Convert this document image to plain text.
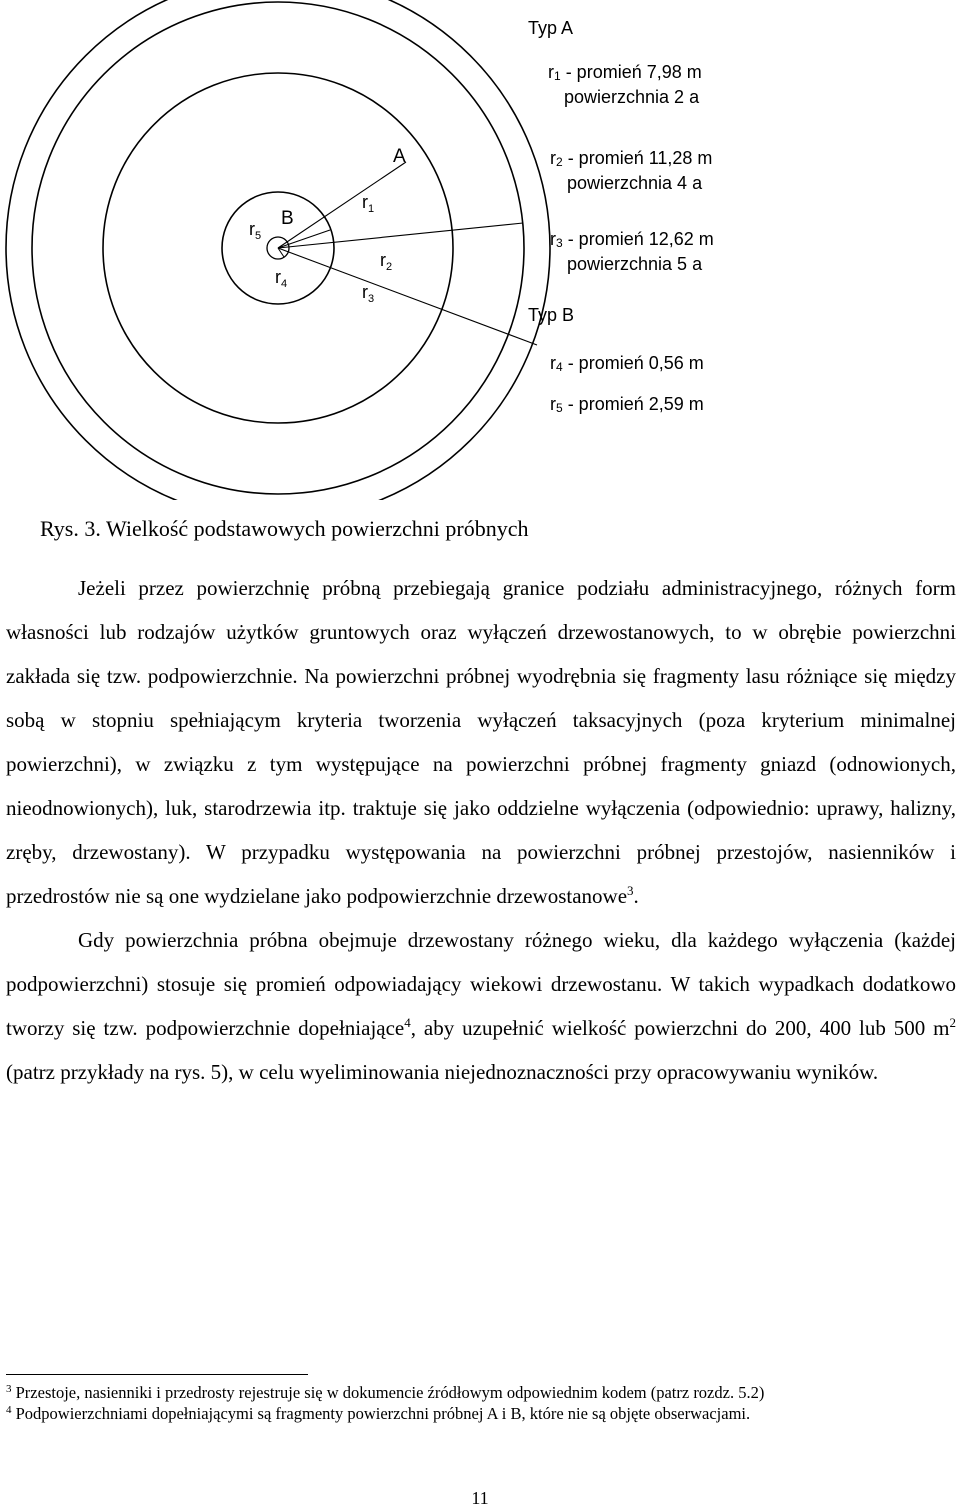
A
B
$r_1$
$r_2$
$r_3$
$r_4$
$r_5$
Typ A
$r_1$ - promień 7,98 m
powierzchnia 2 a
$r_2$ - promień 11,28 m
powierzchnia 4 a
$r_3$ - promień 12,62 m
powierzchnia 5 a
Typ B
$r_4$ - promień 0,56 m
$r_5$ - promień 2,59 m
Rys. 3. Wielkość podstawowych powierzchni próbnych

Jeżeli przez powierzchnię próbną przebiegają granice podziału administracyjnego, różnych form własności lub rodzajów użytków gruntowych oraz wyłączeń drzewostanowych, to w obrębie powierzchni zakłada się tzw. podpowierzchnie. Na powierzchni próbnej wyodrębnia się fragmenty lasu różniące się między sobą w stopniu spełniającym kryteria tworzenia wyłączeń taksacyjnych (poza kryterium minimalnej powierzchni), w związku z tym występujące na powierzchni próbnej fragmenty gniazd (odnowionych, nieodnowionych), luk, starodrzewia itp. traktuje się jako oddzielne wyłączenia (odpowiednio: uprawy, halizny, zręby, drzewostany). W przypadku występowania na powierzchni próbnej przestojów, nasienników i przedrostów nie są one wydzielane jako podpowierzchnie drzewostanowe$^3$.

Gdy powierzchnia próbna obejmuje drzewostany różnego wieku, dla każdego wyłączenia (każdej podpowierzchni) stosuje się promień odpowiadający wiekowi drzewostanu. W takich wypadkach dodatkowo tworzy się tzw. podpowierzchnie dopełniające$^4$, aby uzupełnić wielkość powierzchni do 200, 400 lub 500 $m^2$ (patrz przykłady na rys. 5), w celu wyeliminowania niejednoznaczności przy opracowywaniu wyników.

$^3$ Przestoje, nasienniki i przedrosty rejestruje się w dokumencie źródłowym odpowiednim kodem (patrz rozdz. 5.2)

$^4$ Podpowierzchniami dopełniającymi są fragmenty powierzchni próbnej A i B, które nie są objęte obserwacjami.

11
